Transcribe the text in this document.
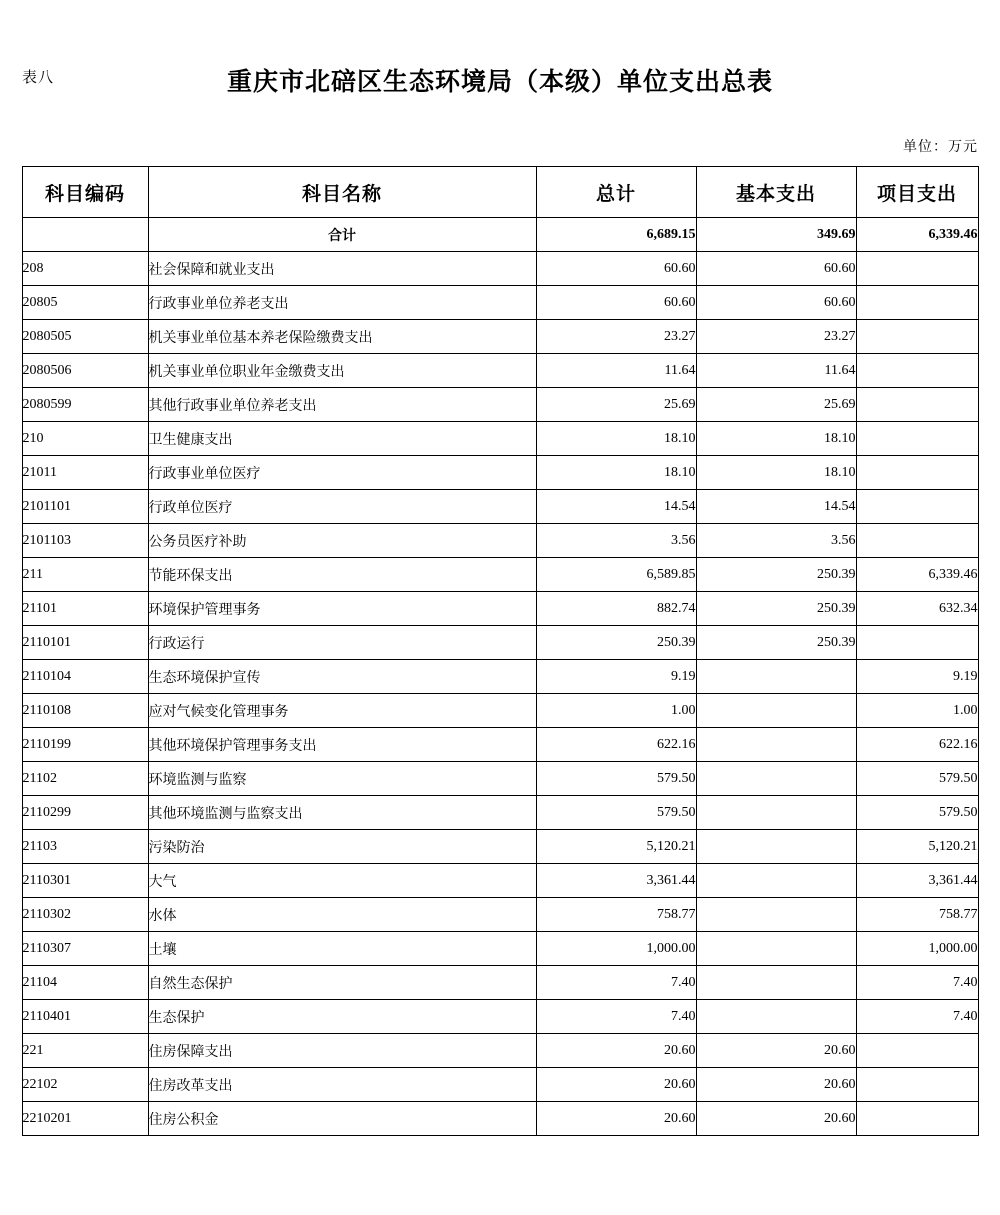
表八	重庆市北碚区生态环境局（本级）单位支出总表
单位：万元
科目编码	科目名称	总计	基本支出	项目支出
	合计	6,689.15	349.69	6,339.46
208	社会保障和就业支出	60.60	60.60	
20805	行政事业单位养老支出	60.60	60.60	
2080505	机关事业单位基本养老保险缴费支出	23.27	23.27	
2080506	机关事业单位职业年金缴费支出	11.64	11.64	
2080599	其他行政事业单位养老支出	25.69	25.69	
210	卫生健康支出	18.10	18.10	
21011	行政事业单位医疗	18.10	18.10	
2101101	行政单位医疗	14.54	14.54	
2101103	公务员医疗补助	3.56	3.56	
211	节能环保支出	6,589.85	250.39	6,339.46
21101	环境保护管理事务	882.74	250.39	632.34
2110101	行政运行	250.39	250.39	
2110104	生态环境保护宣传	9.19		9.19
2110108	应对气候变化管理事务	1.00		1.00
2110199	其他环境保护管理事务支出	622.16		622.16
21102	环境监测与监察	579.50		579.50
2110299	其他环境监测与监察支出	579.50		579.50
21103	污染防治	5,120.21		5,120.21
2110301	大气	3,361.44		3,361.44
2110302	水体	758.77		758.77
2110307	土壤	1,000.00		1,000.00
21104	自然生态保护	7.40		7.40
2110401	生态保护	7.40		7.40
221	住房保障支出	20.60	20.60	
22102	住房改革支出	20.60	20.60	
2210201	住房公积金	20.60	20.60	
